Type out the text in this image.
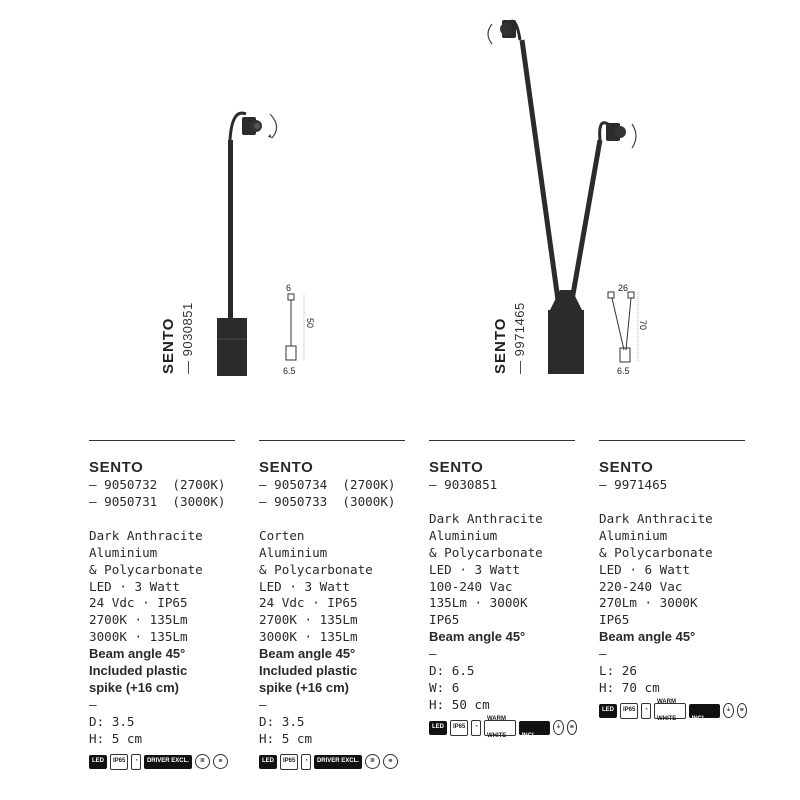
SENTO — 9030851	SENTO — 9971465
6
50
6.5
26
70
6.5
SENTO
— 9050732  (2700K)
— 9050731  (3000K)
Dark Anthracite
Aluminium
& Polycarbonate
LED · 3 Watt
24 Vdc · IP65
2700K · 135Lm
3000K · 135Lm
Beam angle 45°
Included plastic
spike (+16 cm)
—
D: 3.5
H: 5 cm
LED	IP65	◔	DRIVER EXCL.	III	≋
SENTO
— 9050734  (2700K)
— 9050733  (3000K)
Corten
Aluminium
& Polycarbonate
LED · 3 Watt
24 Vdc · IP65
2700K · 135Lm
3000K · 135Lm
Beam angle 45°
Included plastic
spike (+16 cm)
—
D: 3.5
H: 5 cm
LED	IP65	◔	DRIVER EXCL.	III	≋
SENTO
— 9030851
Dark Anthracite
Aluminium
& Polycarbonate
LED · 3 Watt
100-240 Vac
135Lm · 3000K
IP65
Beam angle 45°
—
D: 6.5
W: 6
H: 50 cm
LED	IP65	◔
WARM WHITE
DRIVER INCL.
⏚	≋
SENTO
— 9971465
Dark Anthracite
Aluminium
& Polycarbonate
LED · 6 Watt
220-240 Vac
270Lm · 3000K
IP65
Beam angle 45°
—
L: 26
H: 70 cm
LED	IP65	◔
WARM WHITE
DRIVER INCL.
⏚	≋
